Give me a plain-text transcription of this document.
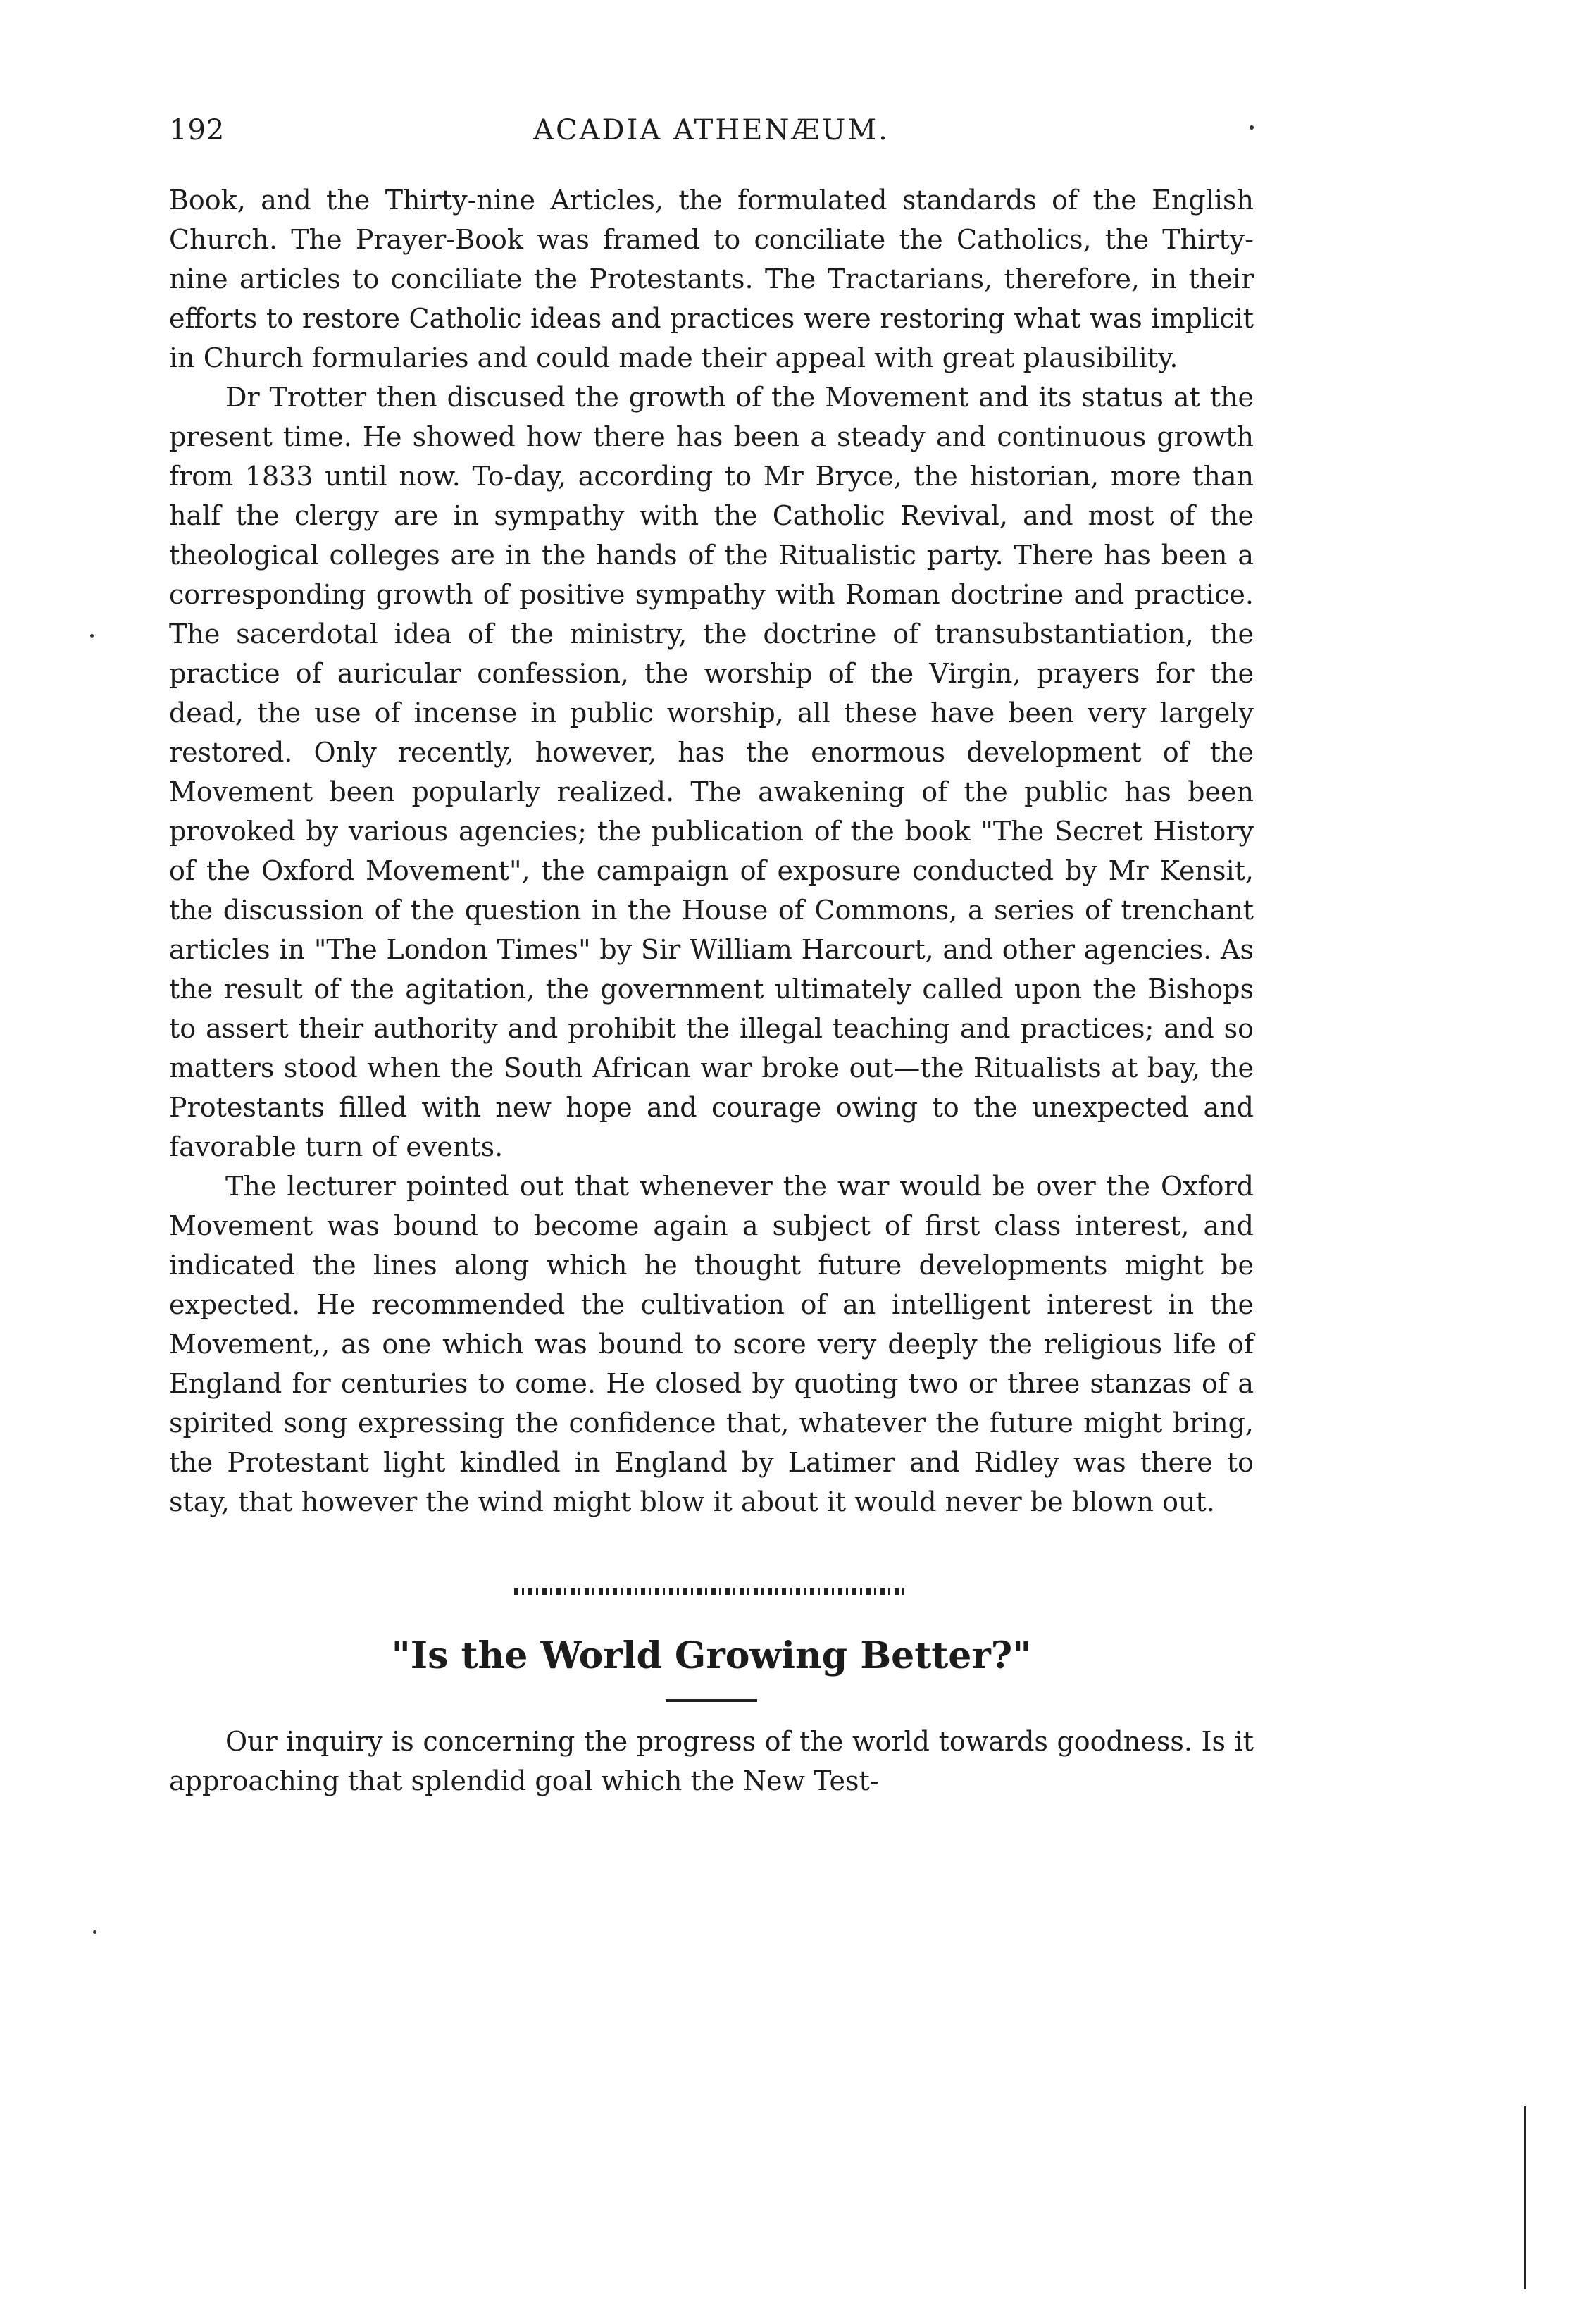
192	ACADIA ATHENÆUM.

Book, and the Thirty-nine Articles, the formulated standards of the English Church. The Prayer-Book was framed to conciliate the Catholics, the Thirty-nine articles to conciliate the Protestants. The Tractarians, therefore, in their efforts to restore Catholic ideas and practices were restoring what was implicit in Church formularies and could made their appeal with great plausibility.

Dr Trotter then discused the growth of the Movement and its status at the present time. He showed how there has been a steady and continuous growth from 1833 until now. To-day, according to Mr Bryce, the historian, more than half the clergy are in sympathy with the Catholic Revival, and most of the theological colleges are in the hands of the Ritualistic party. There has been a corresponding growth of positive sympathy with Roman doctrine and practice. The sacerdotal idea of the ministry, the doctrine of transubstantiation, the practice of auricular confession, the worship of the Virgin, prayers for the dead, the use of incense in public worship, all these have been very largely restored. Only recently, however, has the enormous development of the Movement been popularly realized. The awakening of the public has been provoked by various agencies; the publication of the book "The Secret History of the Oxford Movement", the campaign of exposure conducted by Mr Kensit, the discussion of the question in the House of Commons, a series of trenchant articles in "The London Times" by Sir William Harcourt, and other agencies. As the result of the agitation, the government ultimately called upon the Bishops to assert their authority and prohibit the illegal teaching and practices; and so matters stood when the South African war broke out—the Ritualists at bay, the Protestants filled with new hope and courage owing to the unexpected and favorable turn of events.

The lecturer pointed out that whenever the war would be over the Oxford Movement was bound to become again a subject of first class interest, and indicated the lines along which he thought future developments might be expected. He recommended the cultivation of an intelligent interest in the Movement,, as one which was bound to score very deeply the religious life of England for centuries to come. He closed by quoting two or three stanzas of a spirited song expressing the confidence that, whatever the future might bring, the Protestant light kindled in England by Latimer and Ridley was there to stay, that however the wind might blow it about it would never be blown out.

"Is the World Growing Better?"

Our inquiry is concerning the progress of the world towards goodness. Is it approaching that splendid goal which the New Test-
